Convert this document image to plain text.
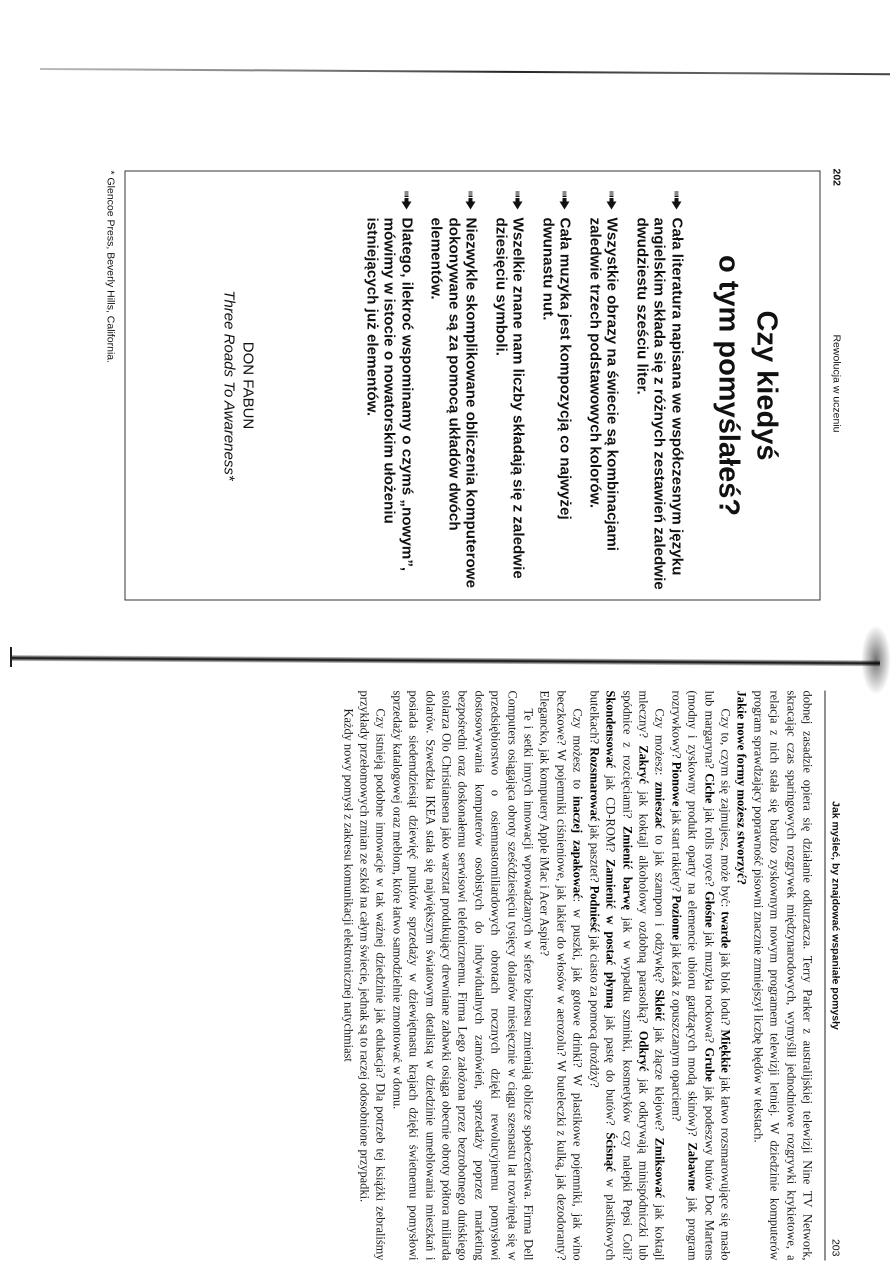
202
Rewolucja w uczeniu
Czy kiedyś
o tym pomyślałeś?
Cała literatura napisana we współczesnym języku angielskim składa się z różnych zestawień zaledwie dwudziestu sześciu liter.
Wszystkie obrazy na świecie są kombinacjami zaledwie trzech podstawowych kolorów.
Cała muzyka jest kompozycją co najwyżej dwunastu nut.
Wszelkie znane nam liczby składają się z zaledwie dziesięciu symboli.
Niezwykle skomplikowane obliczenia komputerowe dokonywane są za pomocą układów dwóch elementów.
Dlatego, ilekroć wspominamy o czymś „nowym”, mówimy w istocie o nowatorskim ułożeniu istniejących już elementów.
DON FABUN
Three Roads To Awareness*
* Glencoe Press, Beverly Hills, California.
Jak myśleć, by znajdować wspaniałe pomysły
203

dobnej zasadzie opiera się działanie odkurzacza. Terry Parker z australijskiej telewizji Nine TV Network, skracając czas sparingowych rozgrywek międzynarodowych, wymyślił jednodniowe rozgrywki krykietowe, a relacja z nich stała się bardzo zyskownym nowym programem telewizji letniej. W dziedzinie komputerów program sprawdzający poprawność pisowni znacznie zmniejszył liczbę błędów w tekstach.

Jakie nowe formy możesz stworzyć?

Czy to, czym się zajmujesz, może być: twarde jak blok lodu? Miękkie jak łatwo rozsmarowujące się masło lub margaryna? Ciche jak rolls royce? Głośne jak muzyka rockowa? Grube jak podeszwy butów Doc Martens (modny i zyskowny produkt oparty na elemencie ubioru gardzących modą skinów)? Zabawne jak program rozrywkowy? Pionowe jak start rakiety? Poziome jak leżak z opuszczanym oparciem?

Czy możesz: zmieszać to jak szampon i odżywkę? Skleić jak złącze klejowe? Zmiksować jak koktajl mleczny? Zakryć jak koktajl alkoholowy ozdobną parasolką? Odkryć jak odkrywają minispódniczki lub spódnice z rozcięciami? Zmienić barwę jak w wypadku szminki, kosmetyków czy nalepki Pepsi Coli? Skondensować jak CD-ROM? Zamienić w postać płynną jak pastę do butów? Ścisnąć w plastikowych butelkach? Rozsmarować jak pasztet? Podnieść jak ciasto za pomocą drożdży?

Czy możesz to inaczej zapakować: w puszki, jak gotowe drinki? W plastikowe pojemniki, jak wino beczkowe? W pojemniki ciśnieniowe, jak lakier do włosów w aerozolu? W buteleczki z kulką, jak dezodoranty? Elegancko, jak komputery Apple iMac i Acer Aspire?

Te i setki innych innowacji wprowadzanych w sferze biznesu zmieniają oblicze społeczeństwa. Firma Dell Computers osiągająca obroty sześćdziesięciu tysięcy dolarów miesięcznie w ciągu szesnastu lat rozwinęła się w przedsiębiorstwo o osiemnastomiliardowych obrotach rocznych dzięki rewolucyjnemu pomysłowi dostosowywania komputerów osobistych do indywidualnych zamówień, sprzedaży poprzez marketing bezpośredni oraz doskonałemu serwisowi telefonicznemu. Firma Lego założona przez bezrobotnego duńskiego stolarza Olo Christiansena jako warsztat produkujący drewniane zabawki osiąga obecnie obroty półtora miliarda dolarów. Szwedzka IKEA stała się największym światowym detalistą w dziedzinie umeblowania mieszkań i posiada siedemdziesiąt dziewięć punktów sprzedaży w dziewiętnastu krajach dzięki świetnemu pomysłowi sprzedaży katalogowej oraz meblom, które łatwo samodzielnie zmontować w domu.

Czy istnieją podobne innowacje w tak ważnej dziedzinie jak edukacja? Dla potrzeb tej książki zebraliśmy przykłady przełomowych zmian ze szkół na całym świecie, jednak są to raczej odosobnione przypadki.

Każdy nowy pomysł z zakresu komunikacji elektronicznej natychmiast
